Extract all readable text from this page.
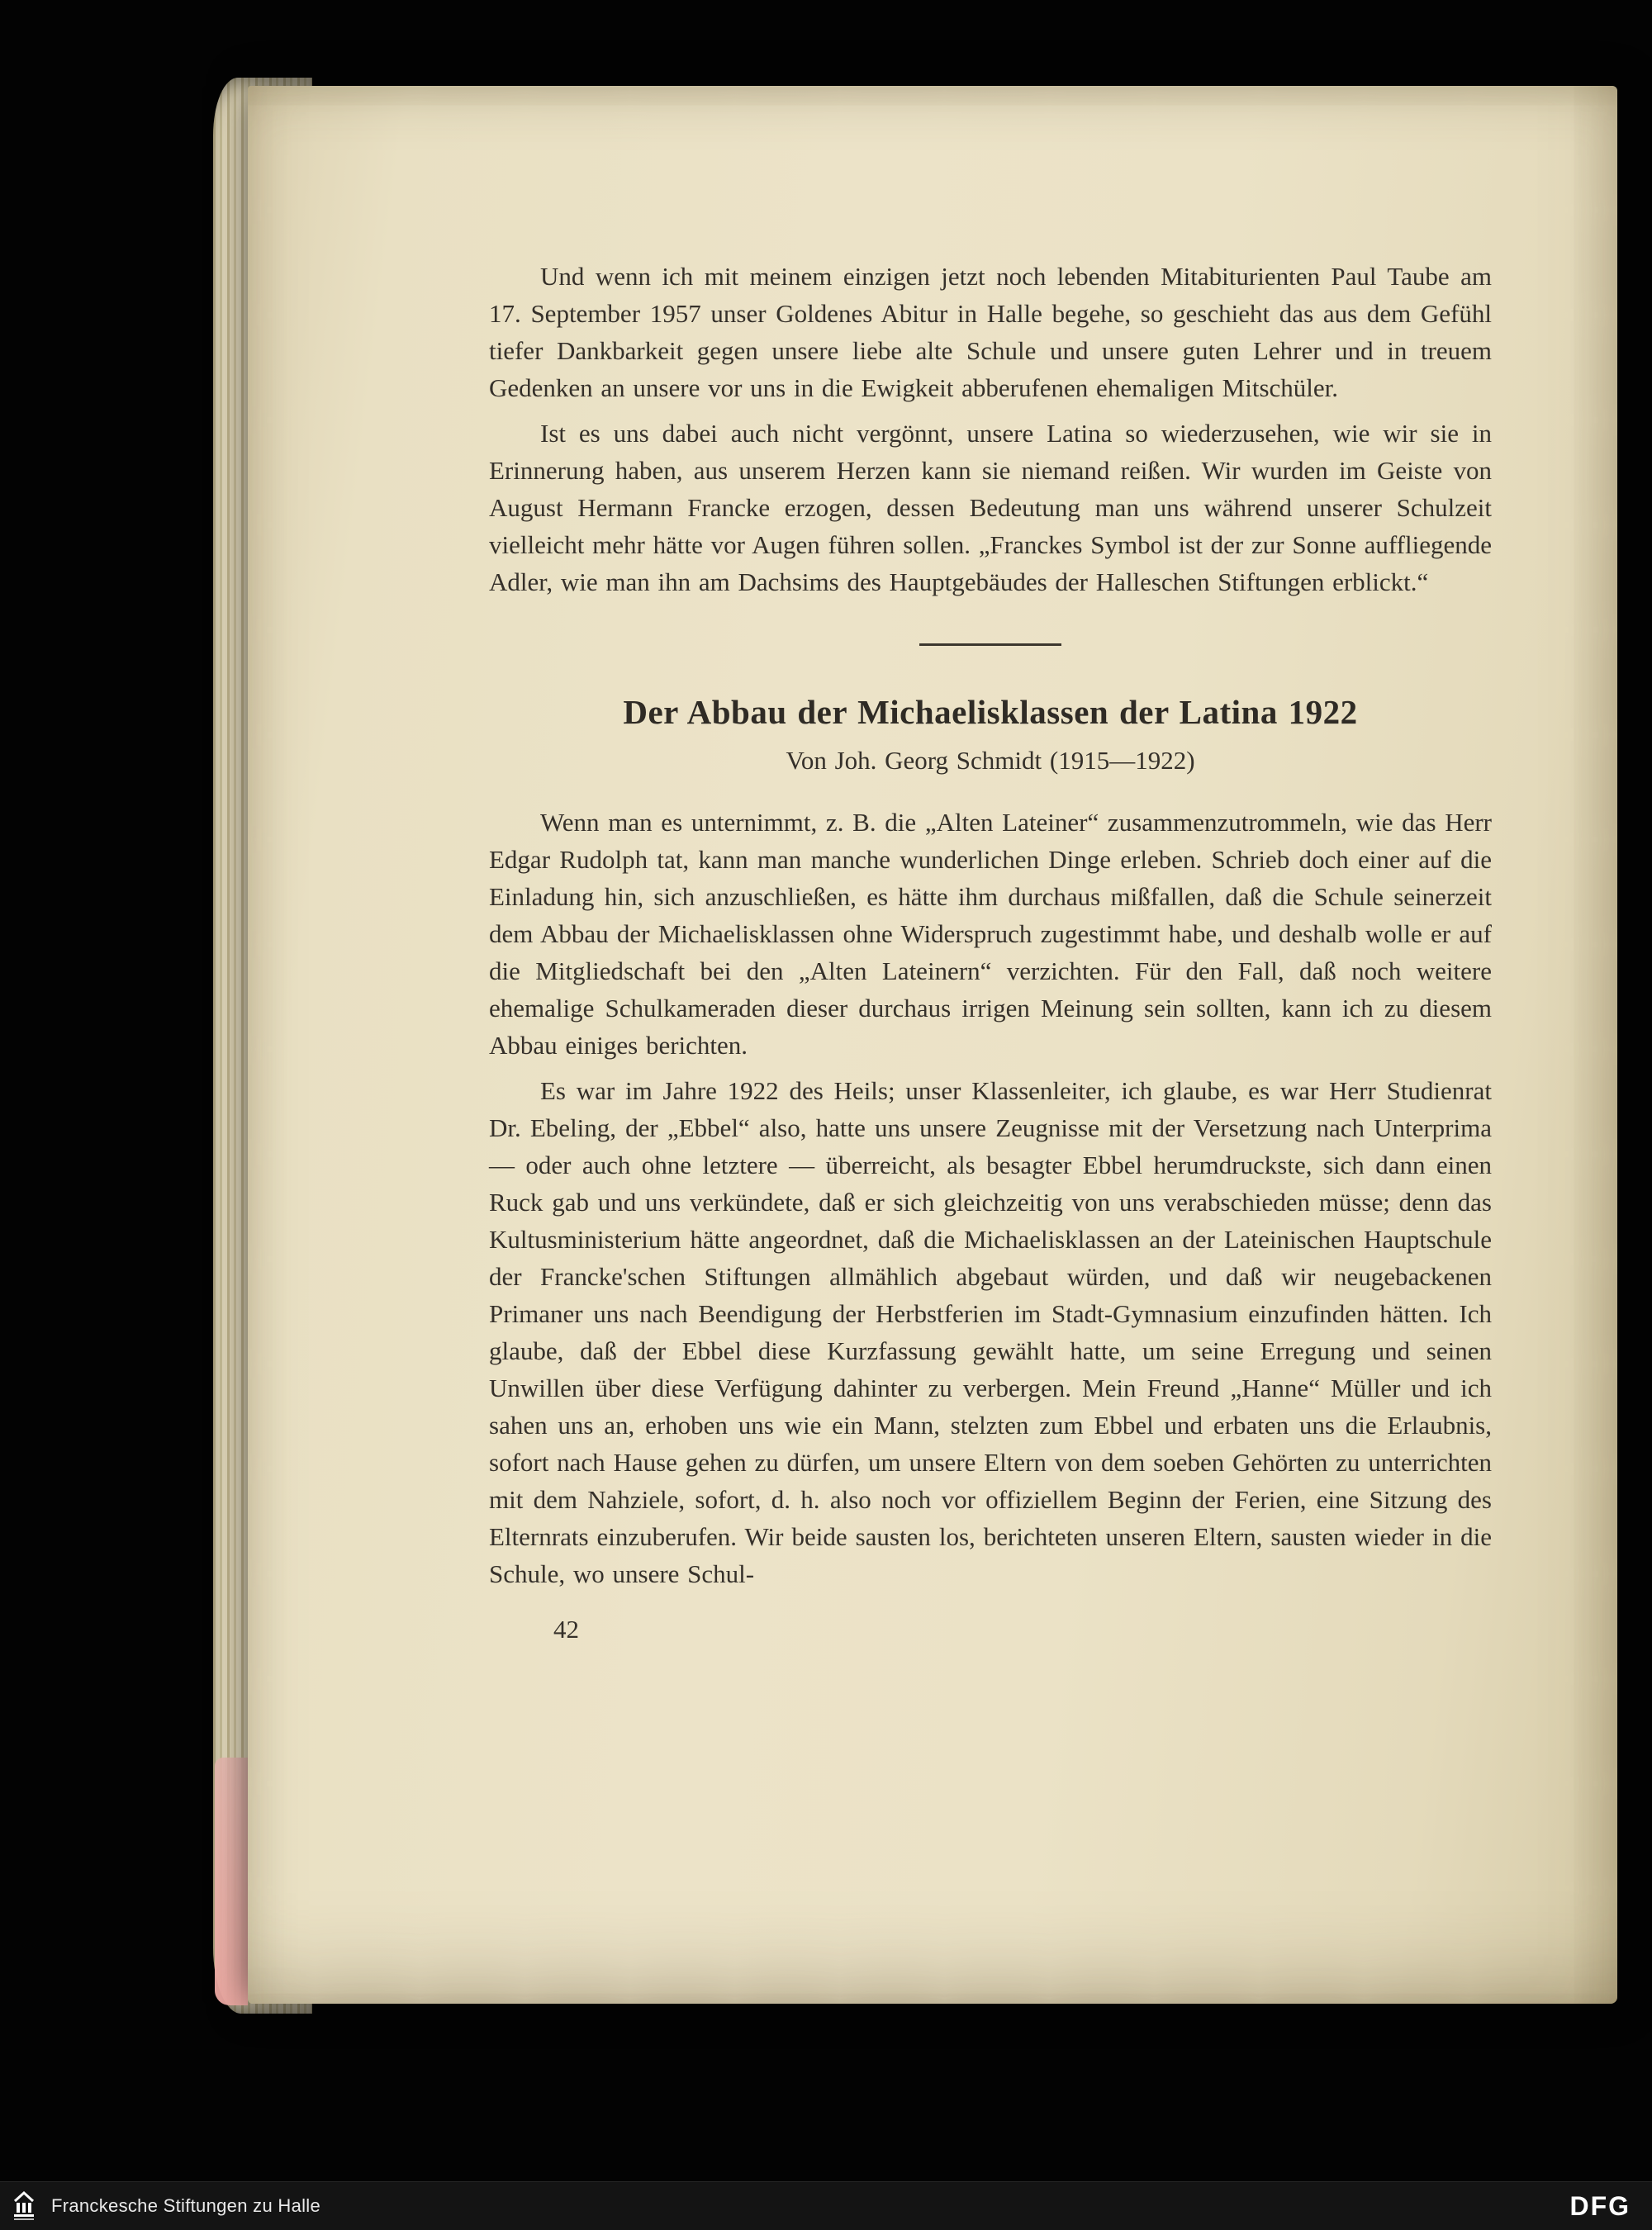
Und wenn ich mit meinem einzigen jetzt noch lebenden Mitabiturienten Paul Taube am 17. September 1957 unser Goldenes Abitur in Halle begehe, so geschieht das aus dem Gefühl tiefer Dankbarkeit gegen unsere liebe alte Schule und unsere guten Lehrer und in treuem Gedenken an unsere vor uns in die Ewigkeit abberufenen ehemaligen Mitschüler.

Ist es uns dabei auch nicht vergönnt, unsere Latina so wiederzusehen, wie wir sie in Erinnerung haben, aus unserem Herzen kann sie niemand reißen. Wir wurden im Geiste von August Hermann Francke erzogen, dessen Bedeutung man uns während unserer Schulzeit vielleicht mehr hätte vor Augen führen sollen. „Franckes Symbol ist der zur Sonne auffliegende Adler, wie man ihn am Dachsims des Hauptgebäudes der Halleschen Stiftungen erblickt.“

Der Abbau der Michaelisklassen der Latina 1922
Von Joh. Georg Schmidt (1915—1922)

Wenn man es unternimmt, z. B. die „Alten Lateiner“ zusammenzutrommeln, wie das Herr Edgar Rudolph tat, kann man manche wunderlichen Dinge erleben. Schrieb doch einer auf die Einladung hin, sich anzuschließen, es hätte ihm durchaus mißfallen, daß die Schule seinerzeit dem Abbau der Michaelisklassen ohne Widerspruch zugestimmt habe, und deshalb wolle er auf die Mitgliedschaft bei den „Alten Lateinern“ verzichten. Für den Fall, daß noch weitere ehemalige Schulkameraden dieser durchaus irrigen Meinung sein sollten, kann ich zu diesem Abbau einiges berichten.

Es war im Jahre 1922 des Heils; unser Klassenleiter, ich glaube, es war Herr Studienrat Dr. Ebeling, der „Ebbel“ also, hatte uns unsere Zeugnisse mit der Versetzung nach Unterprima — oder auch ohne letztere — überreicht, als besagter Ebbel herumdruckste, sich dann einen Ruck gab und uns verkündete, daß er sich gleichzeitig von uns verabschieden müsse; denn das Kultusministerium hätte angeordnet, daß die Michaelisklassen an der Lateinischen Hauptschule der Francke'schen Stiftungen allmählich abgebaut würden, und daß wir neugebackenen Primaner uns nach Beendigung der Herbstferien im Stadt-Gymnasium einzufinden hätten. Ich glaube, daß der Ebbel diese Kurzfassung gewählt hatte, um seine Erregung und seinen Unwillen über diese Verfügung dahinter zu verbergen. Mein Freund „Hanne“ Müller und ich sahen uns an, erhoben uns wie ein Mann, stelzten zum Ebbel und erbaten uns die Erlaubnis, sofort nach Hause gehen zu dürfen, um unsere Eltern von dem soeben Gehörten zu unterrichten mit dem Nahziele, sofort, d. h. also noch vor offiziellem Beginn der Ferien, eine Sitzung des Elternrats einzuberufen. Wir beide sausten los, berichteten unseren Eltern, sausten wieder in die Schule, wo unsere Schul-

42
Franckesche Stiftungen zu Halle	DFG
